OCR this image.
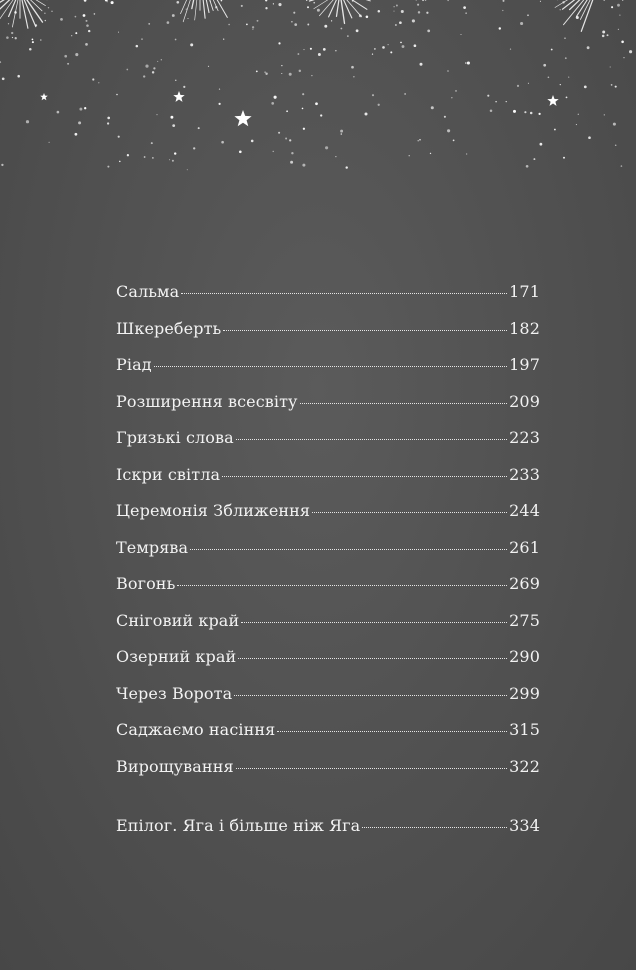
Сальма	171
Шкереберть	182
Ріад	197
Розширення всесвіту	209
Гризькі слова	223
Іскри світла	233
Церемонія Зближення	244
Темрява	261
Вогонь	269
Сніговий край	275
Озерний край	290
Через Ворота	299
Саджаємо насіння	315
Вирощування	322
Епілог. Яга і більше ніж Яга	334
